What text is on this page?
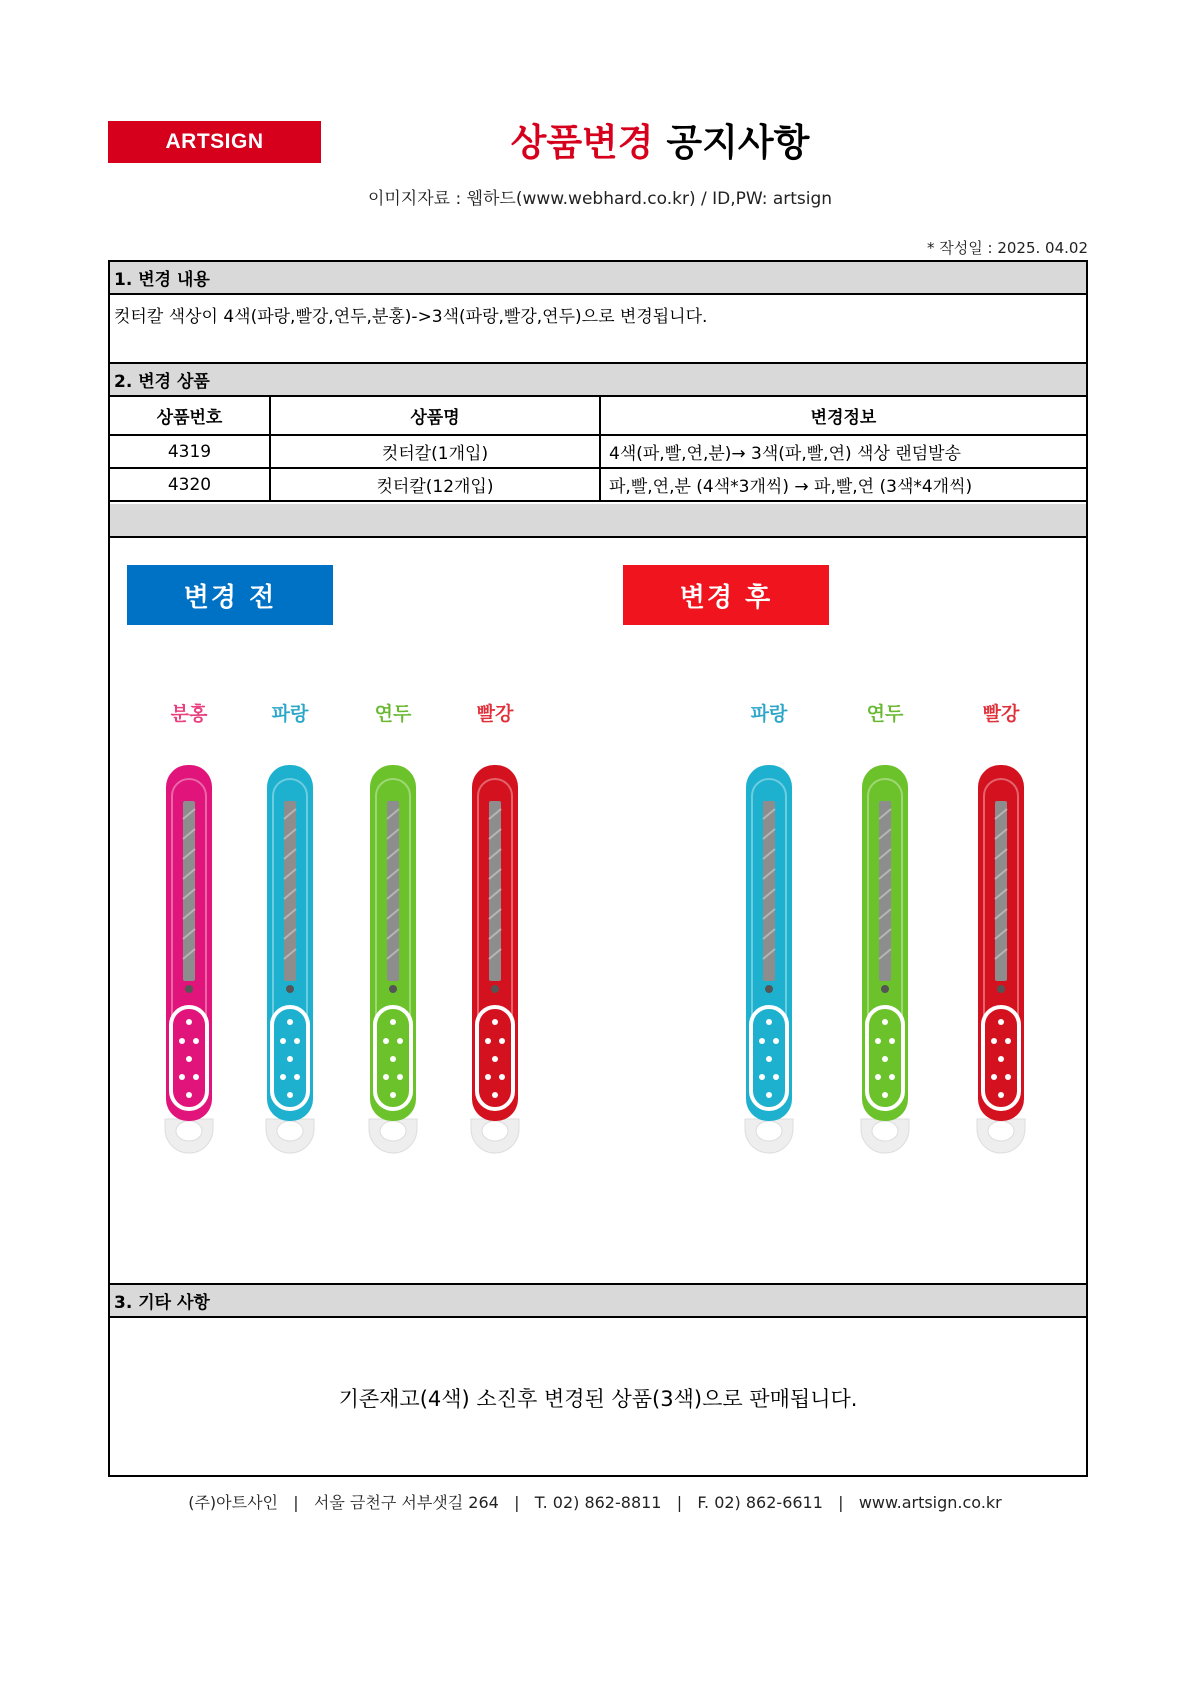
ARTSIGN	상품변경 공지사항
이미지자료 : 웹하드(www.webhard.co.kr) / ID,PW: artsign
* 작성일 : 2025. 04.02
1. 변경 내용
컷터칼 색상이 4색(파랑,빨강,연두,분홍)->3색(파랑,빨강,연두)으로 변경됩니다.
2. 변경 상품
상품번호	상품명	변경정보
4319	컷터칼(1개입)	4색(파,빨,연,분)→ 3색(파,빨,연) 색상 랜덤발송
4320	컷터칼(12개입)	파,빨,연,분 (4색*3개씩) → 파,빨,연 (3색*4개씩)
변경 전	변경 후
분홍	파랑	연두	빨강	파랑	연두	빨강
3. 기타 사항
기존재고(4색) 소진후 변경된 상품(3색)으로 판매됩니다.
(주)아트사인   |   서울 금천구 서부샛길 264   |   T. 02) 862-8811   |   F. 02) 862-6611   |   www.artsign.co.kr
